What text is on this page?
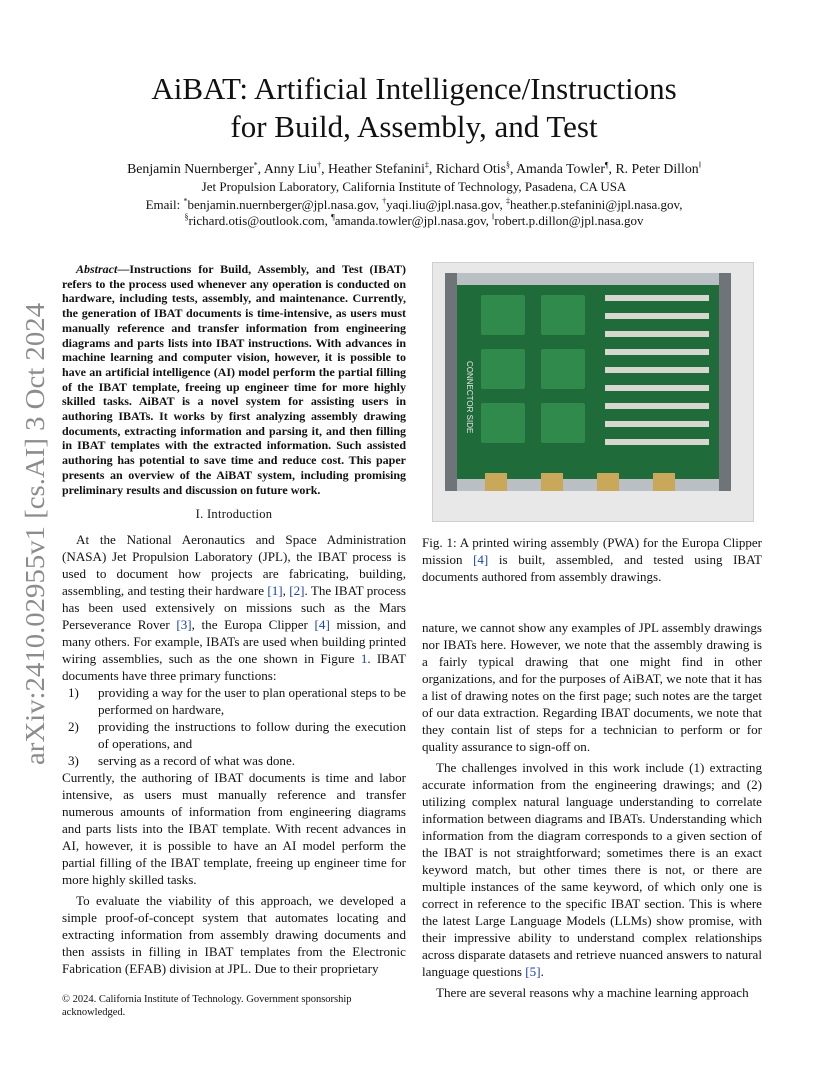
arXiv:2410.02955v1 [cs.AI] 3 Oct 2024
AiBAT: Artificial Intelligence/Instructions
for Build, Assembly, and Test
Benjamin Nuernberger*, Anny Liu†, Heather Stefanini‡, Richard Otis§, Amanda Towler¶, R. Peter Dillon‖
Jet Propulsion Laboratory, California Institute of Technology, Pasadena, CA USA
Email: *benjamin.nuernberger@jpl.nasa.gov, †yaqi.liu@jpl.nasa.gov, ‡heather.p.stefanini@jpl.nasa.gov,
§richard.otis@outlook.com, ¶amanda.towler@jpl.nasa.gov, ‖robert.p.dillon@jpl.nasa.gov

Abstract—Instructions for Build, Assembly, and Test (IBAT) refers to the process used whenever any operation is conducted on hardware, including tests, assembly, and maintenance. Currently, the generation of IBAT documents is time-intensive, as users must manually reference and transfer information from engineering diagrams and parts lists into IBAT instructions. With advances in machine learning and computer vision, however, it is possible to have an artificial intelligence (AI) model perform the partial filling of the IBAT template, freeing up engineer time for more highly skilled tasks. AiBAT is a novel system for assisting users in authoring IBATs. It works by first analyzing assembly drawing documents, extracting information and parsing it, and then filling in IBAT templates with the extracted information. Such assisted authoring has potential to save time and reduce cost. This paper presents an overview of the AiBAT system, including promising preliminary results and discussion on future work.

I. Introduction

At the National Aeronautics and Space Administration (NASA) Jet Propulsion Laboratory (JPL), the IBAT process is used to document how projects are fabricating, building, assembling, and testing their hardware [1], [2]. The IBAT process has been used extensively on missions such as the Mars Perseverance Rover [3], the Europa Clipper [4] mission, and many others. For example, IBATs are used when building printed wiring assemblies, such as the one shown in Figure 1. IBAT documents have three primary functions:

1) providing a way for the user to plan operational steps to be performed on hardware,
2) providing the instructions to follow during the execution of operations, and
3) serving as a record of what was done.

Currently, the authoring of IBAT documents is time and labor intensive, as users must manually reference and transfer numerous amounts of information from engineering diagrams and parts lists into the IBAT template. With recent advances in AI, however, it is possible to have an AI model perform the partial filling of the IBAT template, freeing up engineer time for more highly skilled tasks.

To evaluate the viability of this approach, we developed a simple proof-of-concept system that automates locating and extracting information from assembly drawing documents and then assists in filling in IBAT templates from the Electronic Fabrication (EFAB) division at JPL. Due to their proprietary

© 2024. California Institute of Technology. Government sponsorship acknowledged.
CONNECTOR SIDE
Fig. 1: A printed wiring assembly (PWA) for the Europa Clipper mission [4] is built, assembled, and tested using IBAT documents authored from assembly drawings.

nature, we cannot show any examples of JPL assembly drawings nor IBATs here. However, we note that the assembly drawing is a fairly typical drawing that one might find in other organizations, and for the purposes of AiBAT, we note that it has a list of drawing notes on the first page; such notes are the target of our data extraction. Regarding IBAT documents, we note that they contain list of steps for a technician to perform or for quality assurance to sign-off on.

The challenges involved in this work include (1) extracting accurate information from the engineering drawings; and (2) utilizing complex natural language understanding to correlate information between diagrams and IBATs. Understanding which information from the diagram corresponds to a given section of the IBAT is not straightforward; sometimes there is an exact keyword match, but other times there is not, or there are multiple instances of the same keyword, of which only one is correct in reference to the specific IBAT section. This is where the latest Large Language Models (LLMs) show promise, with their impressive ability to understand complex relationships across disparate datasets and retrieve nuanced answers to natural language questions [5].

There are several reasons why a machine learning approach
